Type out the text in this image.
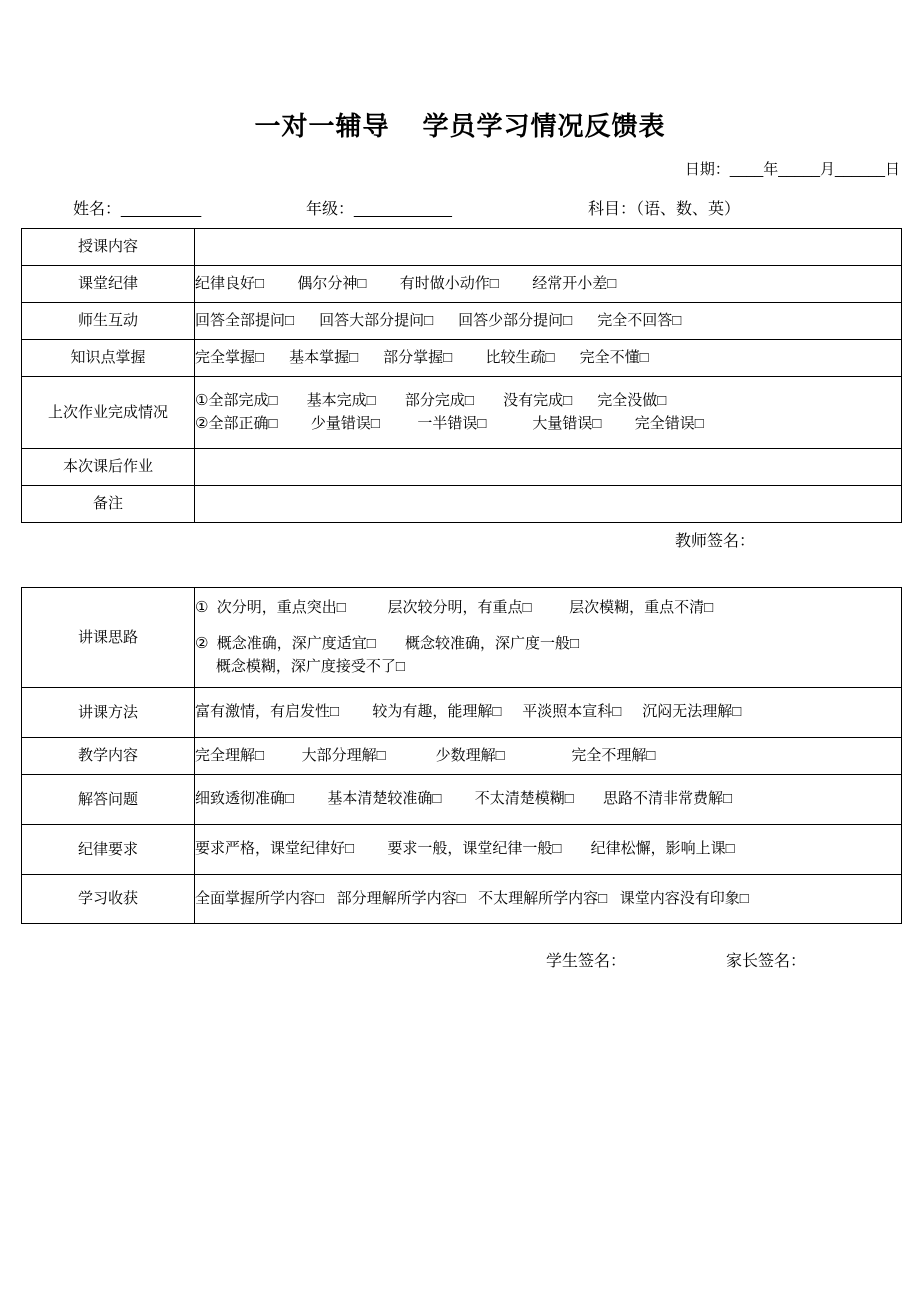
一对一辅导    学员学习情况反馈表
日期：____年_____月______日

姓名：_________

	年级：___________

	科目：（语、数、英）

授课内容	

课堂纪律	纪律良好□        偶尔分神□        有时做小动作□        经常开小差□

师生互动	回答全部提问□      回答大部分提问□      回答少部分提问□      完全不回答□

知识点掌握	完全掌握□      基本掌握□      部分掌握□        比较生疏□      完全不懂□

上次作业完成情况	①全部完成□       基本完成□       部分完成□       没有完成□      完全没做□
②全部正确□        少量错误□         一半错误□           大量错误□        完全错误□

本次课后作业	

备注	
教师签名：
讲课思路	①  次分明，重点突出□          层次较分明，有重点□         层次模糊，重点不清□
②  概念准确，深广度适宜□       概念较准确，深广度一般□
概念模糊，深广度接受不了□

讲课方法	富有激情，有启发性□        较为有趣，能理解□     平淡照本宣科□     沉闷无法理解□

教学内容	完全理解□         大部分理解□            少数理解□                完全不理解□

解答问题	细致透彻准确□        基本清楚较准确□        不太清楚模糊□       思路不清非常费解□

纪律要求	要求严格，课堂纪律好□        要求一般，课堂纪律一般□       纪律松懈，影响上课□

学习收获	全面掌握所学内容□   部分理解所学内容□   不太理解所学内容□   课堂内容没有印象□
学生签名：	家长签名：
